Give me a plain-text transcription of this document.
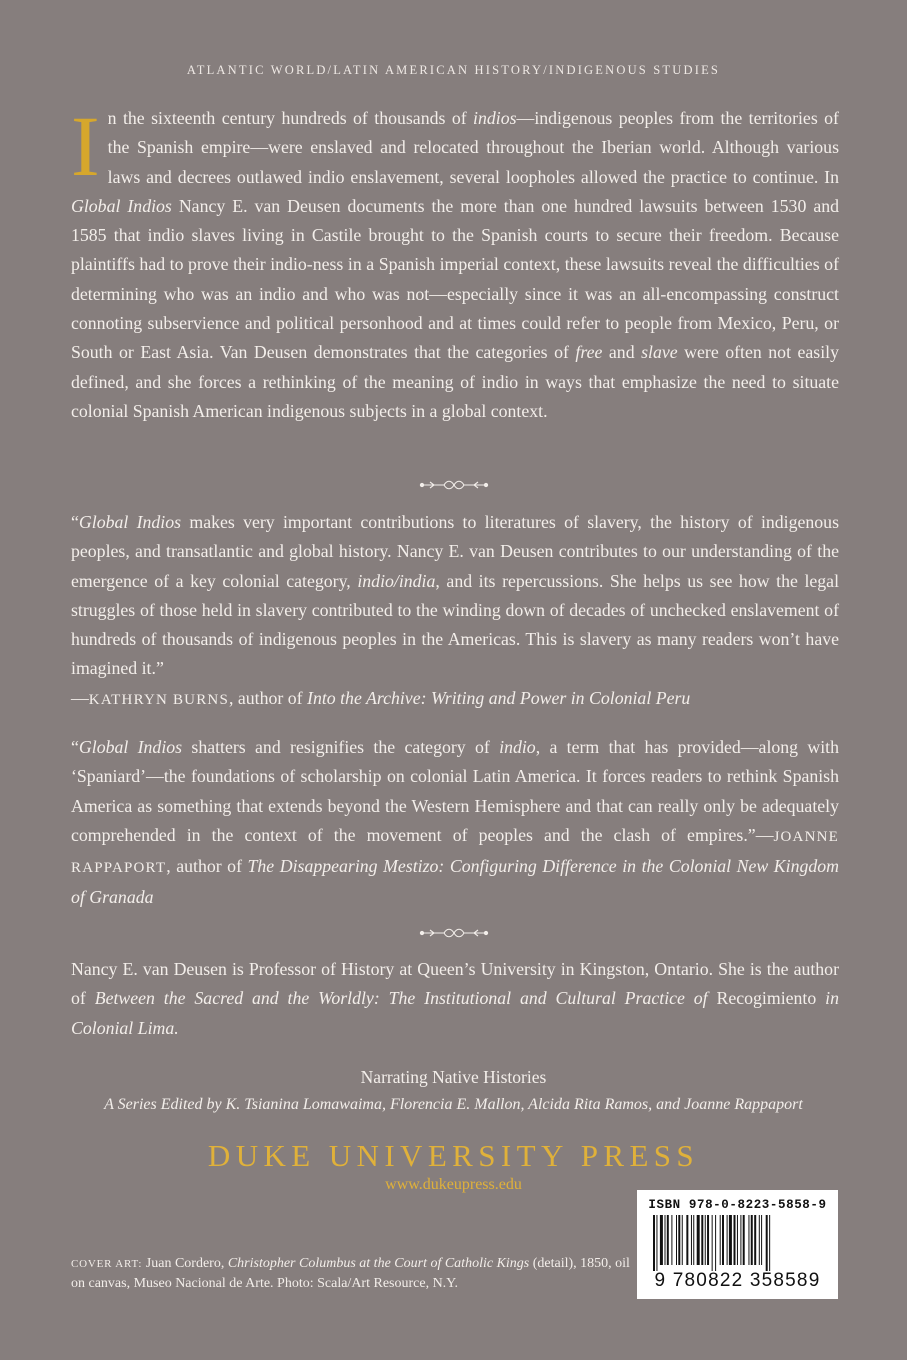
ATLANTIC WORLD/LATIN AMERICAN HISTORY/INDIGENOUS STUDIES
In the sixteenth century hundreds of thousands of indios—indigenous peoples from the territories of the Spanish empire—were enslaved and relocated throughout the Iberian world. Although various laws and decrees outlawed indio enslavement, several loopholes allowed the practice to continue. In Global Indios Nancy E. van Deusen documents the more than one hundred lawsuits between 1530 and 1585 that indio slaves living in Castile brought to the Spanish courts to secure their freedom. Because plaintiffs had to prove their indio-ness in a Spanish imperial context, these lawsuits reveal the difficulties of determining who was an indio and who was not—especially since it was an all-encompassing construct connoting subservience and political personhood and at times could refer to people from Mexico, Peru, or South or East Asia. Van Deusen demonstrates that the categories of free and slave were often not easily defined, and she forces a rethinking of the meaning of indio in ways that emphasize the need to situate colonial Spanish American indigenous subjects in a global context.
“Global Indios makes very important contributions to literatures of slavery, the history of indigenous peoples, and transatlantic and global history. Nancy E. van Deusen contributes to our understanding of the emergence of a key colonial category, indio/india, and its repercussions. She helps us see how the legal struggles of those held in slavery contributed to the winding down of decades of unchecked enslavement of hundreds of thousands of indigenous peoples in the Americas. This is slavery as many readers won’t have imagined it.”
—KATHRYN BURNS, author of Into the Archive: Writing and Power in Colonial Peru
“Global Indios shatters and resignifies the category of indio, a term that has provided—along with ‘Spaniard’—the foundations of scholarship on colonial Latin America. It forces readers to rethink Spanish America as something that extends beyond the Western Hemisphere and that can really only be adequately comprehended in the context of the movement of peoples and the clash of empires.”—JOANNE RAPPAPORT, author of The Disappearing Mestizo: Configuring Difference in the Colonial New Kingdom of Granada
Nancy E. van Deusen is Professor of History at Queen’s University in Kingston, Ontario. She is the author of Between the Sacred and the Worldly: The Institutional and Cultural Practice of Recogimiento in Colonial Lima.
Narrating Native Histories
A Series Edited by K. Tsianina Lomawaima, Florencia E. Mallon, Alcida Rita Ramos, and Joanne Rappaport
DUKE UNIVERSITY PRESS
www.dukeupress.edu
COVER ART: Juan Cordero, Christopher Columbus at the Court of Catholic Kings (detail), 1850, oil on canvas, Museo Nacional de Arte. Photo: Scala/Art Resource, N.Y.
ISBN 978-0-8223-5858-9
9 780822 358589
